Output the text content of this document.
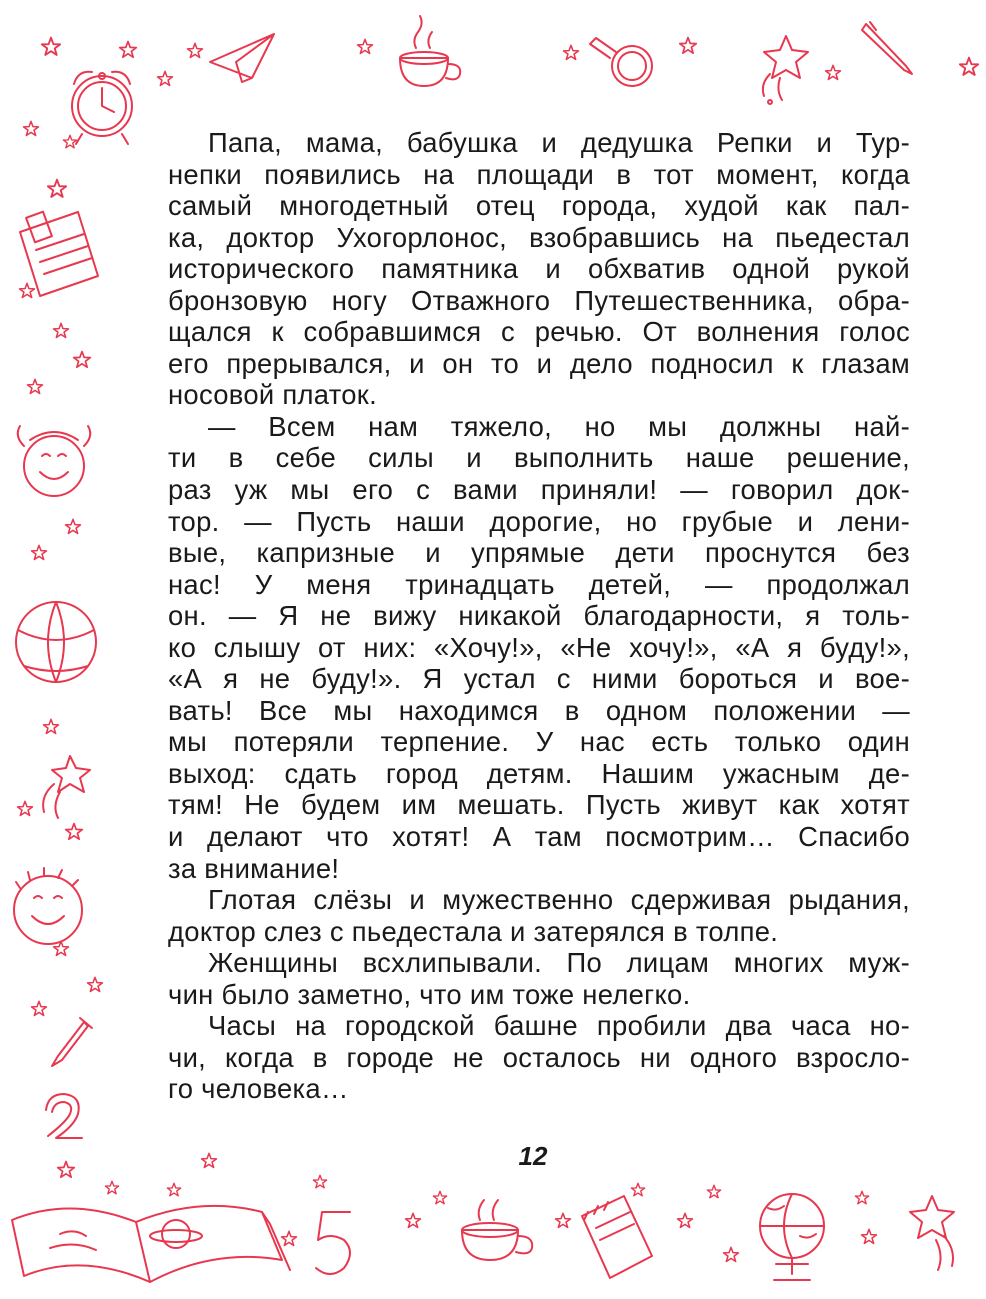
Папа, мама, бабушка и дедушка Репки и Тур-
непки появились на площади в тот момент, когда
самый многодетный отец города, худой как пал-
ка, доктор Ухогорлонос, взобравшись на пьедестал
исторического памятника и обхватив одной рукой
бронзовую ногу Отважного Путешественника, обра-
щался к собравшимся с речью. От волнения голос
его прерывался, и он то и дело подносил к глазам
носовой платок.

— Всем нам тяжело, но мы должны най-
ти в себе силы и выполнить наше решение,
раз уж мы его с вами приняли! — говорил док-
тор. — Пусть наши дорогие, но грубые и лени-
вые, капризные и упрямые дети проснутся без
нас! У меня тринадцать детей, — продолжал
он. — Я не вижу никакой благодарности, я толь-
ко слышу от них: «Хочу!», «Не хочу!», «А я буду!»,
«А я не буду!». Я устал с ними бороться и вое-
вать! Все мы находимся в одном положении —
мы потеряли терпение. У нас есть только один
выход: сдать город детям. Нашим ужасным де-
тям! Не будем им мешать. Пусть живут как хотят
и делают что хотят! А там посмотрим… Спасибо
за внимание!

Глотая слёзы и мужественно сдерживая рыдания,
доктор слез с пьедестала и затерялся в толпе.

Женщины всхлипывали. По лицам многих муж-
чин было заметно, что им тоже нелегко.

Часы на городской башне пробили два часа но-
чи, когда в городе не осталось ни одного взросло-
го человека…

12
